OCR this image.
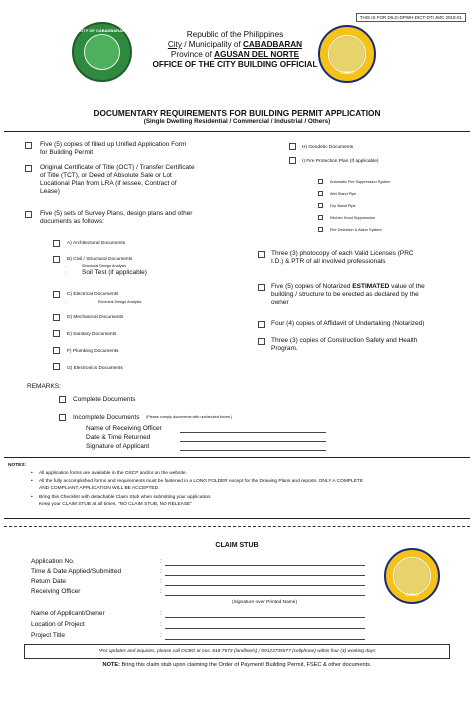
THIS IS FOR DILG-DPWH-DICT-DTI JMC 2018-01
CITY OF CABADBARAN
OCBO
Republic of the Philippines
City / Municipality of CABADBARAN
Province of AGUSAN DEL NORTE
OFFICE OF THE CITY BUILDING OFFICIAL
DOCUMENTARY REQUIREMENTS FOR BUILDING PERMIT APPLICATION
(Single Dwelling Residential / Commercial / Industrial / Others)
Five (5) copies of filled up Unified Application Form
for Building Permit
Original Certificate of Title (OCT) / Transfer Certificate
of Title (TCT), or Deed of Absolute Sale or Lot
Locational Plan from LRA (if lessee, Contract of
Lease)
Five (5) sets of Survey Plans, design plans and other
documents as follows:
A) Architectural Documents
B) Civil / Structural Documents
-	Structural Design Analysis
- Soil Test (if applicable)
C) Electrical Documents
-	Electrical Design Analysis
D) Mechanical Documents
E) Sanitary Documents
F) Plumbing Documents
G) Electronics Documents
H) Geodetic Documents
I) Fire Protection Plan (If applicable)
Automatic Fire Suppression System
Wet Stand Pipe
Dry Stand Pipe
Kitchen Hood Suppression
Fire Detection & Alarm System
Three (3) photocopy of each Valid Licenses (PRC
I.D.) & PTR of all involved professionals
Five (5) copies of Notarized ESTIMATED value of the
building / structure to be erected as declared by the
owner
Four (4) copies of Affidavit of Undertaking (Notarized)
Three (3) copies of Construction Safety and Health
Program.
REMARKS:
Complete Documents
Incomplete Documents (Please comply documents with unchecked boxes.)
Name of Receiving Officer
Date & Time Returned
Signature of Applicant
NOTES:
• All application forms are available in the OSCP and/or on the website.
• All the fully accomplished forms and requirements must be fastened in a LONG FOLDER except for the Drawing Plans and reports. ONLY A COMPLETE
AND COMPLIANT APPLICATION WILL BE ACCEPTED.
• Bring this Checklist with detachable Claim Stub when submitting your application.
Keep your CLAIM STUB at all times, "NO CLAIM STUB, NO RELEASE"
CLAIM STUB
OCBO
Application No.	:
Time & Date Applied/Submitted	:
Return Date	:
Receiving Officer	:
(Signature over Printed Name)
Name of Applicant/Owner	:
Location of Project	:
Project Title	:
*For updates and inquiries, please call OCBO at nos. 818-7673 (landline/s) / 09123735577 (cellphone) within four (4) working days
NOTE: Bring this claim stub upon claiming the Order of Payment/ Building Permit, FSEC & other documents.
